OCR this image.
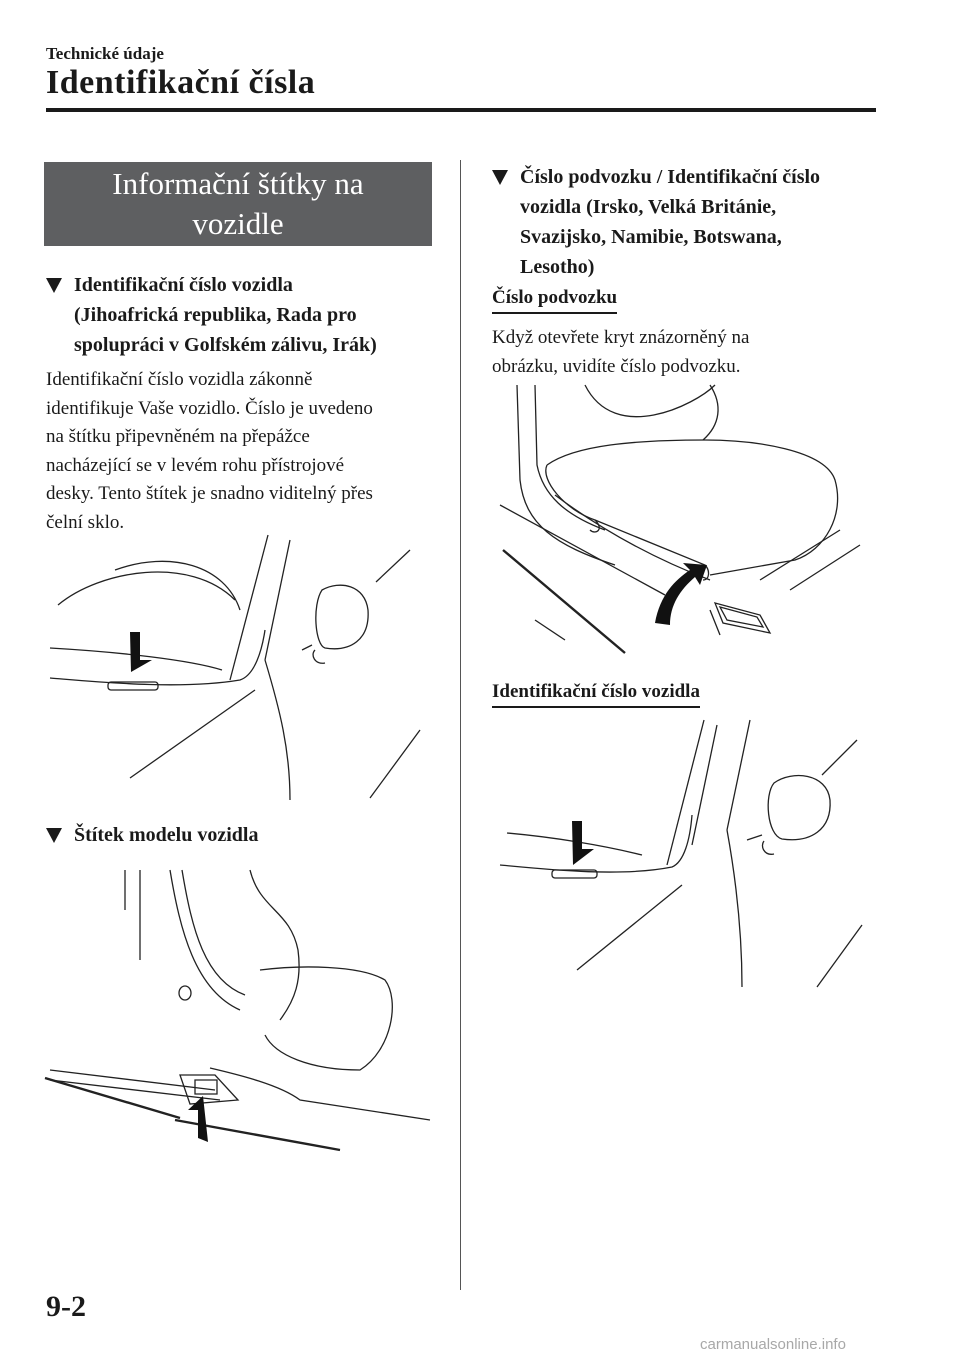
Technické údaje
Identifikační čísla
Informační štítky na
vozidle
Identifikační číslo vozidla
(Jihoafrická republika, Rada pro
spolupráci v Golfském zálivu, Irák)
Identifikační číslo vozidla zákonně
identifikuje Vaše vozidlo. Číslo je uvedeno
na štítku připevněném na přepážce
nacházející se v levém rohu přístrojové
desky. Tento štítek je snadno viditelný přes
čelní sklo.
Štítek modelu vozidla
Číslo podvozku / Identifikační číslo
vozidla (Irsko, Velká Británie,
Svazijsko, Namibie, Botswana,
Lesotho)
Číslo podvozku
Když otevřete kryt znázorněný na
obrázku, uvidíte číslo podvozku.
Identifikační číslo vozidla
9-2
carmanualsonline.info
